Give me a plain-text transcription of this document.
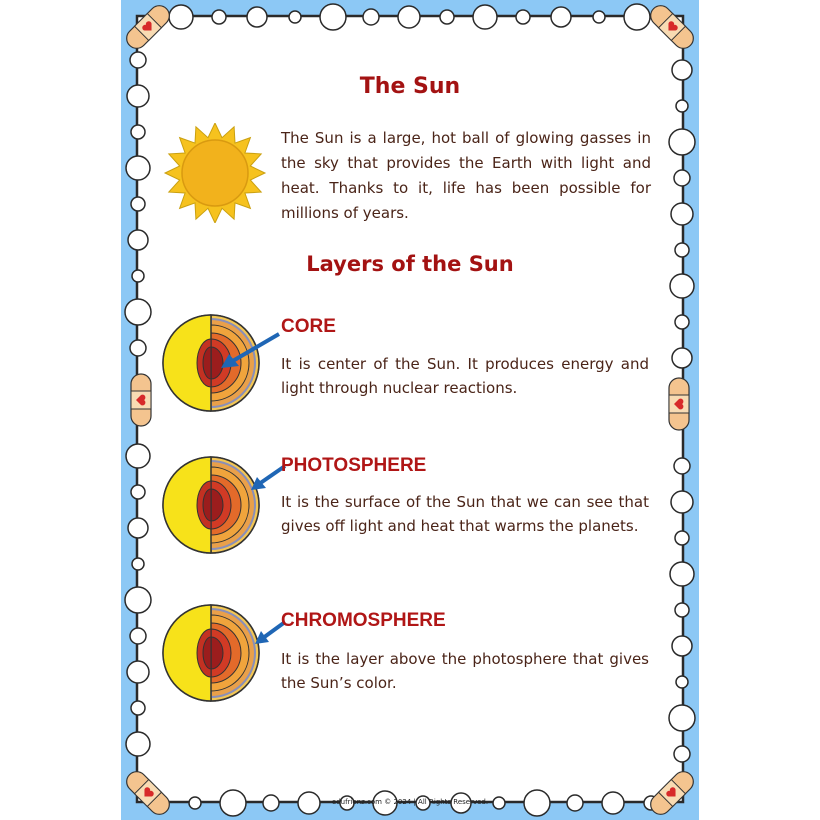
The Sun
The Sun is a large, hot ball of glowing gasses in the sky that provides the Earth with light and heat. Thanks to it, life has been possible for millions of years.
Layers of the Sun
CORE
It is center of the Sun. It produces energy and light through nuclear reactions.
PHOTOSPHERE
It is the surface of the Sun that we can see that gives off light and heat that warms the planets.
CHROMOSPHERE
It is the layer above the photosphere that gives the Sun’s color.
edufrienz.com © 2024 | All Rights Reserved.
